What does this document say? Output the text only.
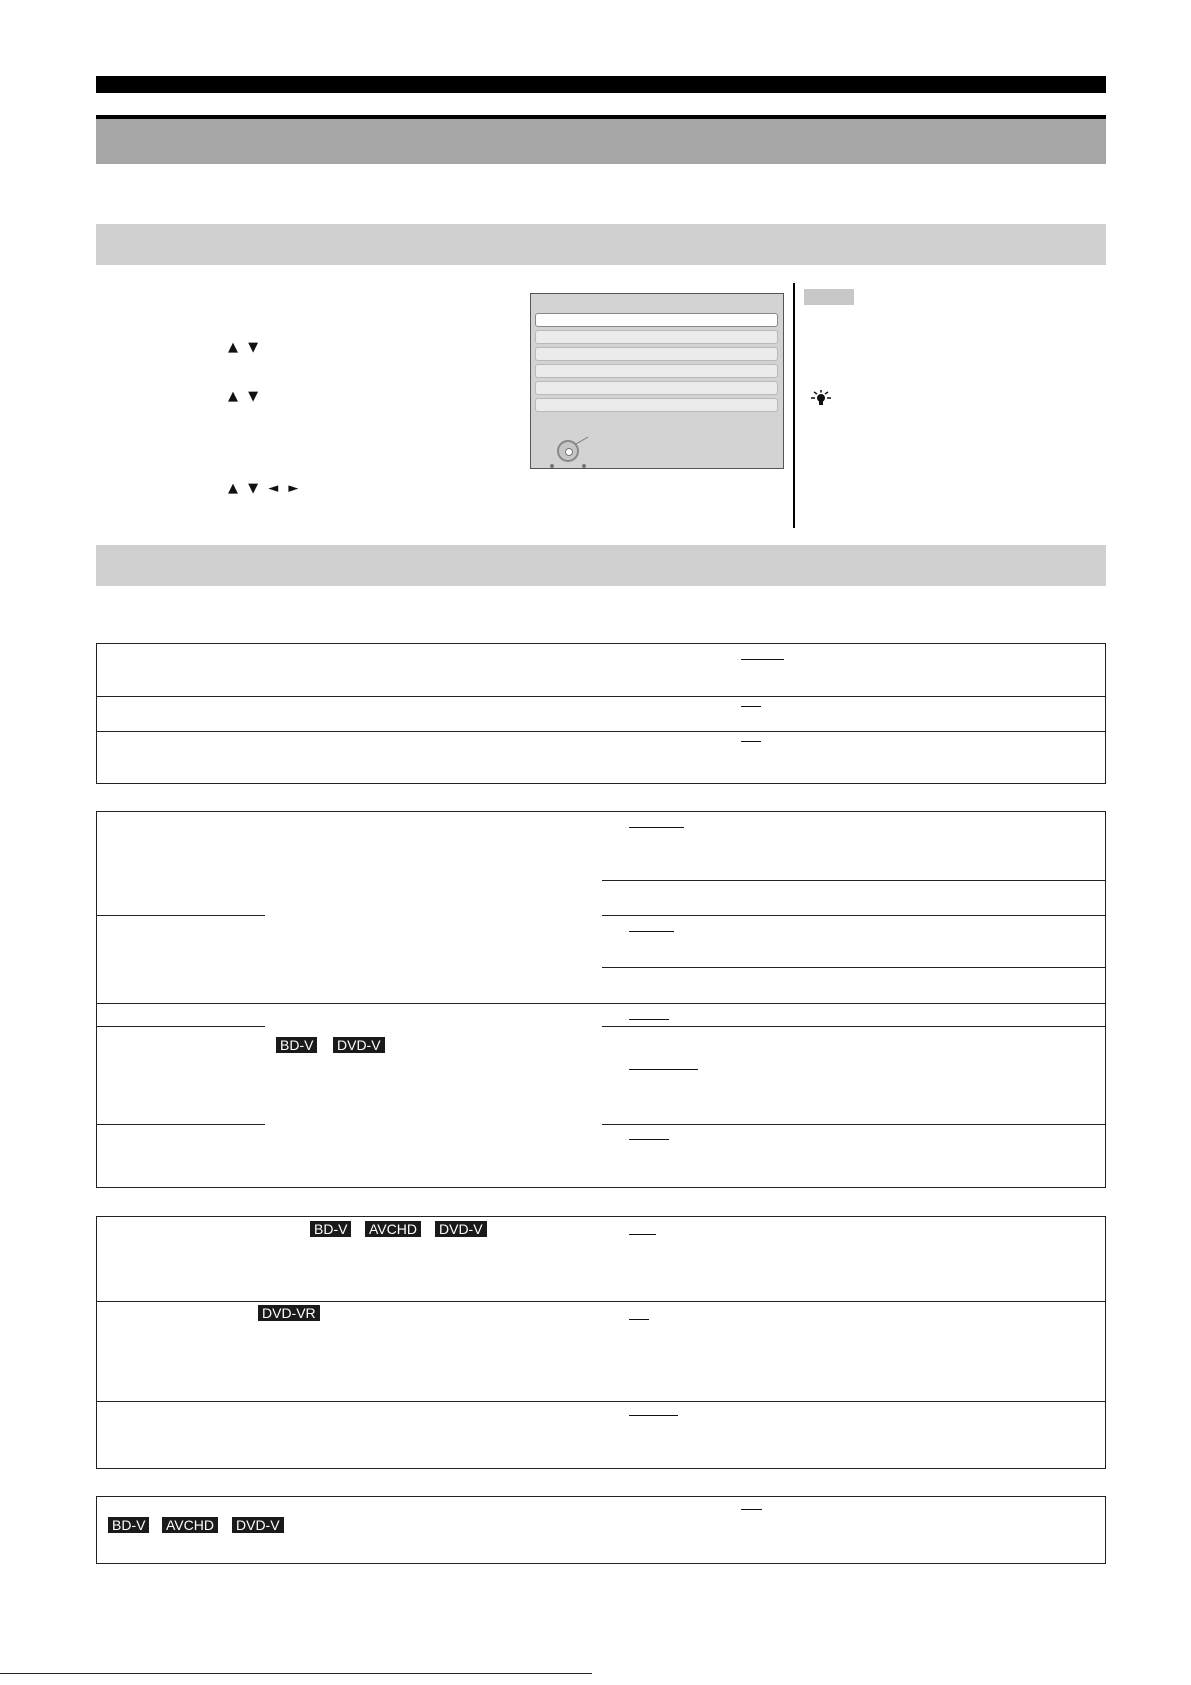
▲ ▼
▲ ▼
▲ ▼ ◄ ►
BD-V DVD-V
BD-V AVCHD DVD-V
DVD-VR
BD-V AVCHD DVD-V
